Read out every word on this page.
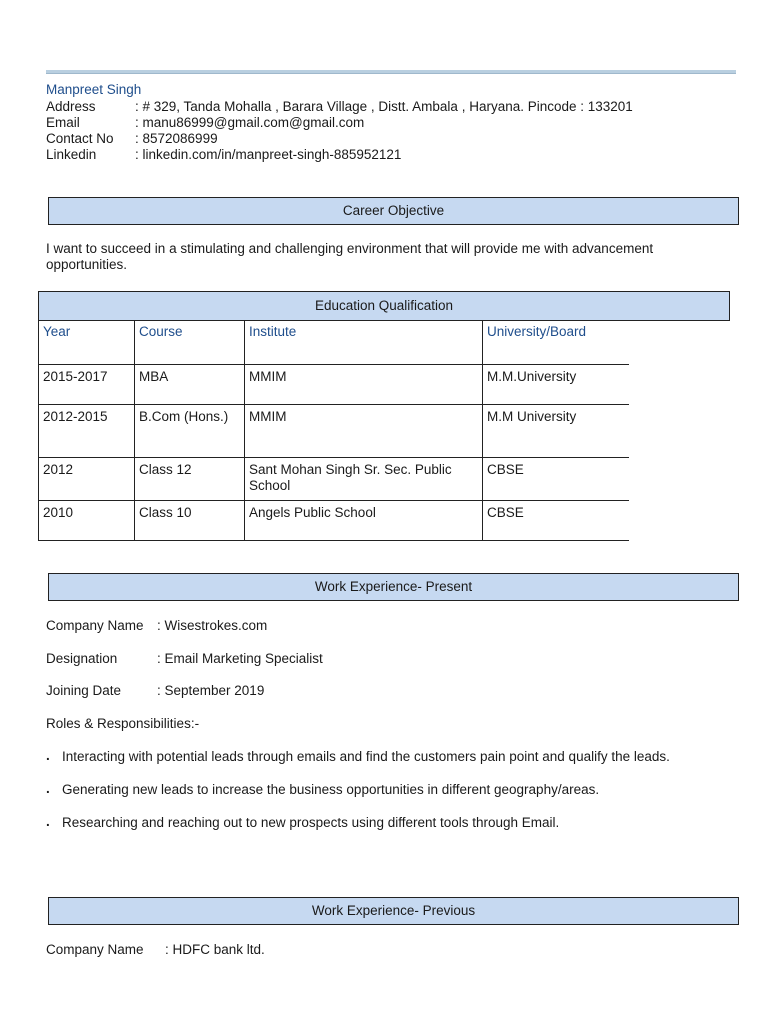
Manpreet Singh
Address	: # 329, Tanda Mohalla , Barara Village , Distt. Ambala , Haryana. Pincode : 133201
Email	: manu86999@gmail.com@gmail.com
Contact No : 8572086999
Linkedin	: linkedin.com/in/manpreet-singh-885952121
Career Objective
I want to succeed in a stimulating and challenging environment that will provide me with advancement opportunities.
Education Qualification
Year	Course	Institute	University/Board
2015-2017	MBA	MMIM	M.M.University
2012-2015	B.Com (Hons.)	MMIM	M.M University
2012	Class 12	Sant Mohan Singh Sr. Sec. Public School	CBSE
2010	Class 10	Angels Public School	CBSE
Work Experience- Present
Company Name : Wisestrokes.com
Designation	: Email Marketing Specialist
Joining Date	: September 2019
Roles & Responsibilities:-
. Interacting with potential leads through emails and find the customers pain point and qualify the leads.
. Generating new leads to increase the business opportunities in different geography/areas.
. Researching and reaching out to new prospects using different tools through Email.
Work Experience- Previous
Company Name : HDFC bank ltd.
